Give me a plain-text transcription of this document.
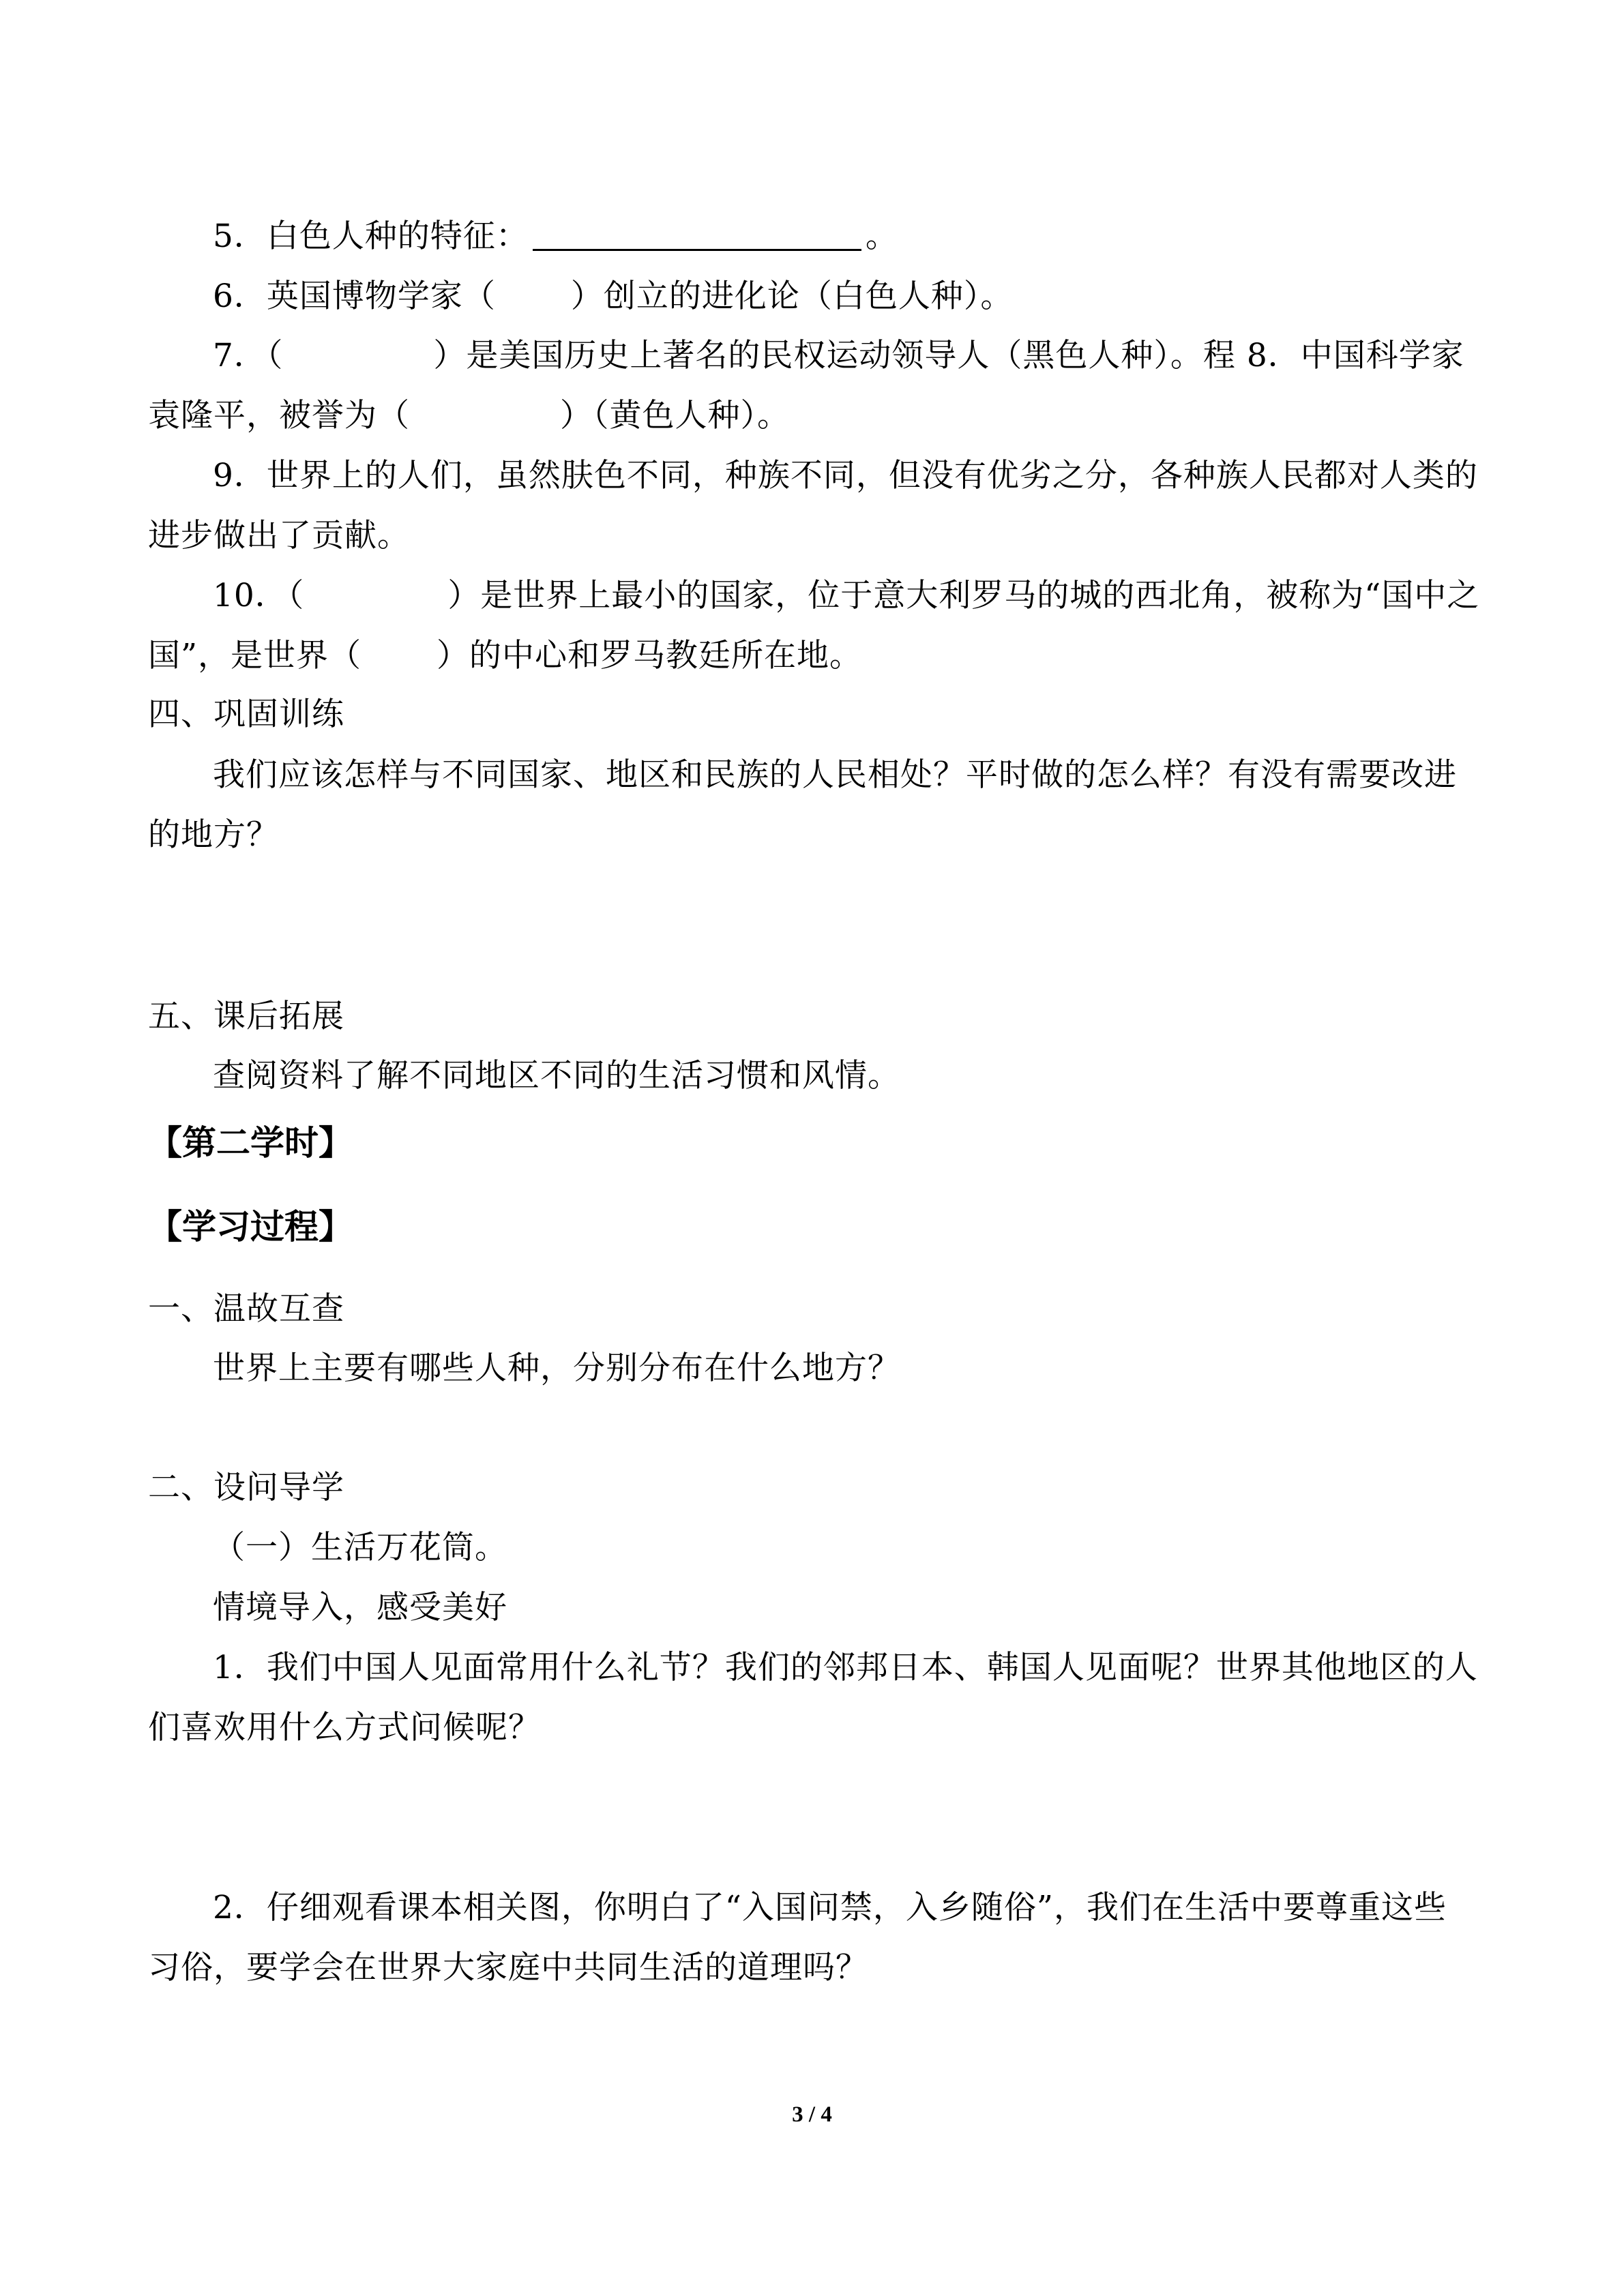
5．白色人种的特征：	。
6．英国博物学家（ ）创立的进化论（白色人种）。
7．（	）是美国历史上著名的民权运动领导人（黑色人种）。程 8．中国科学家
袁隆平，被誉为（	）（黄色人种）。
9．世界上的人们，虽然肤色不同，种族不同，但没有优劣之分，各种族人民都对人类的
进步做出了贡献。
10．（	）是世界上最小的国家，位于意大利罗马的城的西北角，被称为“国中之
国”，是世界（ ）的中心和罗马教廷所在地。
四、巩固训练
我们应该怎样与不同国家、地区和民族的人民相处？平时做的怎么样？有没有需要改进
的地方？
五、课后拓展
查阅资料了解不同地区不同的生活习惯和风情。
【第二学时】
【学习过程】
一、温故互查
世界上主要有哪些人种，分别分布在什么地方？
二、设问导学
（一）生活万花筒。
情境导入，感受美好
1．我们中国人见面常用什么礼节？我们的邻邦日本、韩国人见面呢？世界其他地区的人
们喜欢用什么方式问候呢？
2．仔细观看课本相关图，你明白了“入国问禁，入乡随俗”，我们在生活中要尊重这些
习俗，要学会在世界大家庭中共同生活的道理吗？
3 / 4
